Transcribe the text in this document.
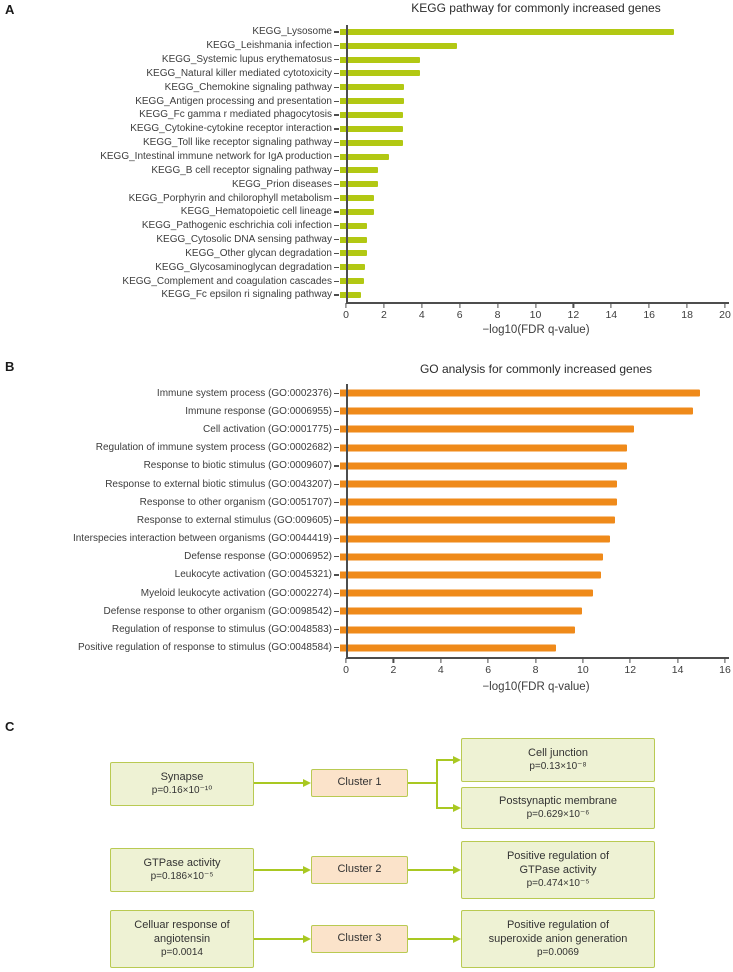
A	KEGG pathway for commonly increased genes
KEGG_Lysosome
KEGG_Leishmania infection
KEGG_Systemic lupus erythematosus
KEGG_Natural killer mediated cytotoxicity
KEGG_Chemokine signaling pathway
KEGG_Antigen processing and presentation
KEGG_Fc gamma r mediated phagocytosis
KEGG_Cytokine-cytokine receptor interaction
KEGG_Toll like receptor signaling pathway
KEGG_Intestinal immune network for IgA production
KEGG_B cell receptor signaling pathway
KEGG_Prion diseases
KEGG_Porphyrin and chilorophyll metabolism
KEGG_Hematopoietic cell lineage
KEGG_Pathogenic eschrichia coli infection
KEGG_Cytosolic DNA sensing pathway
KEGG_Other glycan degradation
KEGG_Glycosaminoglycan degradation
KEGG_Complement and coagulation cascades
KEGG_Fc epsilon ri signaling pathway
0	2	4	6	8	10 12 14 16 18 20
−log10(FDR q-value)
B	GO analysis for commonly increased genes
Immune system process (GO:0002376)
Immune response (GO:0006955)
Cell activation (GO:0001775)
Regulation of immune system process (GO:0002682)
Response to biotic stimulus (GO:0009607)
Response to external biotic stimulus (GO:0043207)
Response to other organism (GO:0051707)
Response to external stimulus (GO:009605)
Interspecies interaction between organisms (GO:0044419)
Defense response (GO:0006952)
Leukocyte activation (GO:0045321)
Myeloid leukocyte activation (GO:0002274)
Defense response to other organism (GO:0098542)
Regulation of response to stimulus (GO:0048583)
Positive regulation of response to stimulus (GO:0048584)
0	2	4	6	8	10	12	14	16
−log10(FDR q-value)
C
Synapse
p=0.16×10⁻¹⁰
Cluster 1
Cell junction
p=0.13×10⁻⁸
Postsynaptic membrane
p=0.629×10⁻⁶
GTPase activity
p=0.186×10⁻⁵
Cluster 2
Positive regulation of
GTPase activity
p=0.474×10⁻⁵
Celluar response of
angiotensin
p=0.0014
Cluster 3
Positive regulation of
superoxide anion generation
p=0.0069
